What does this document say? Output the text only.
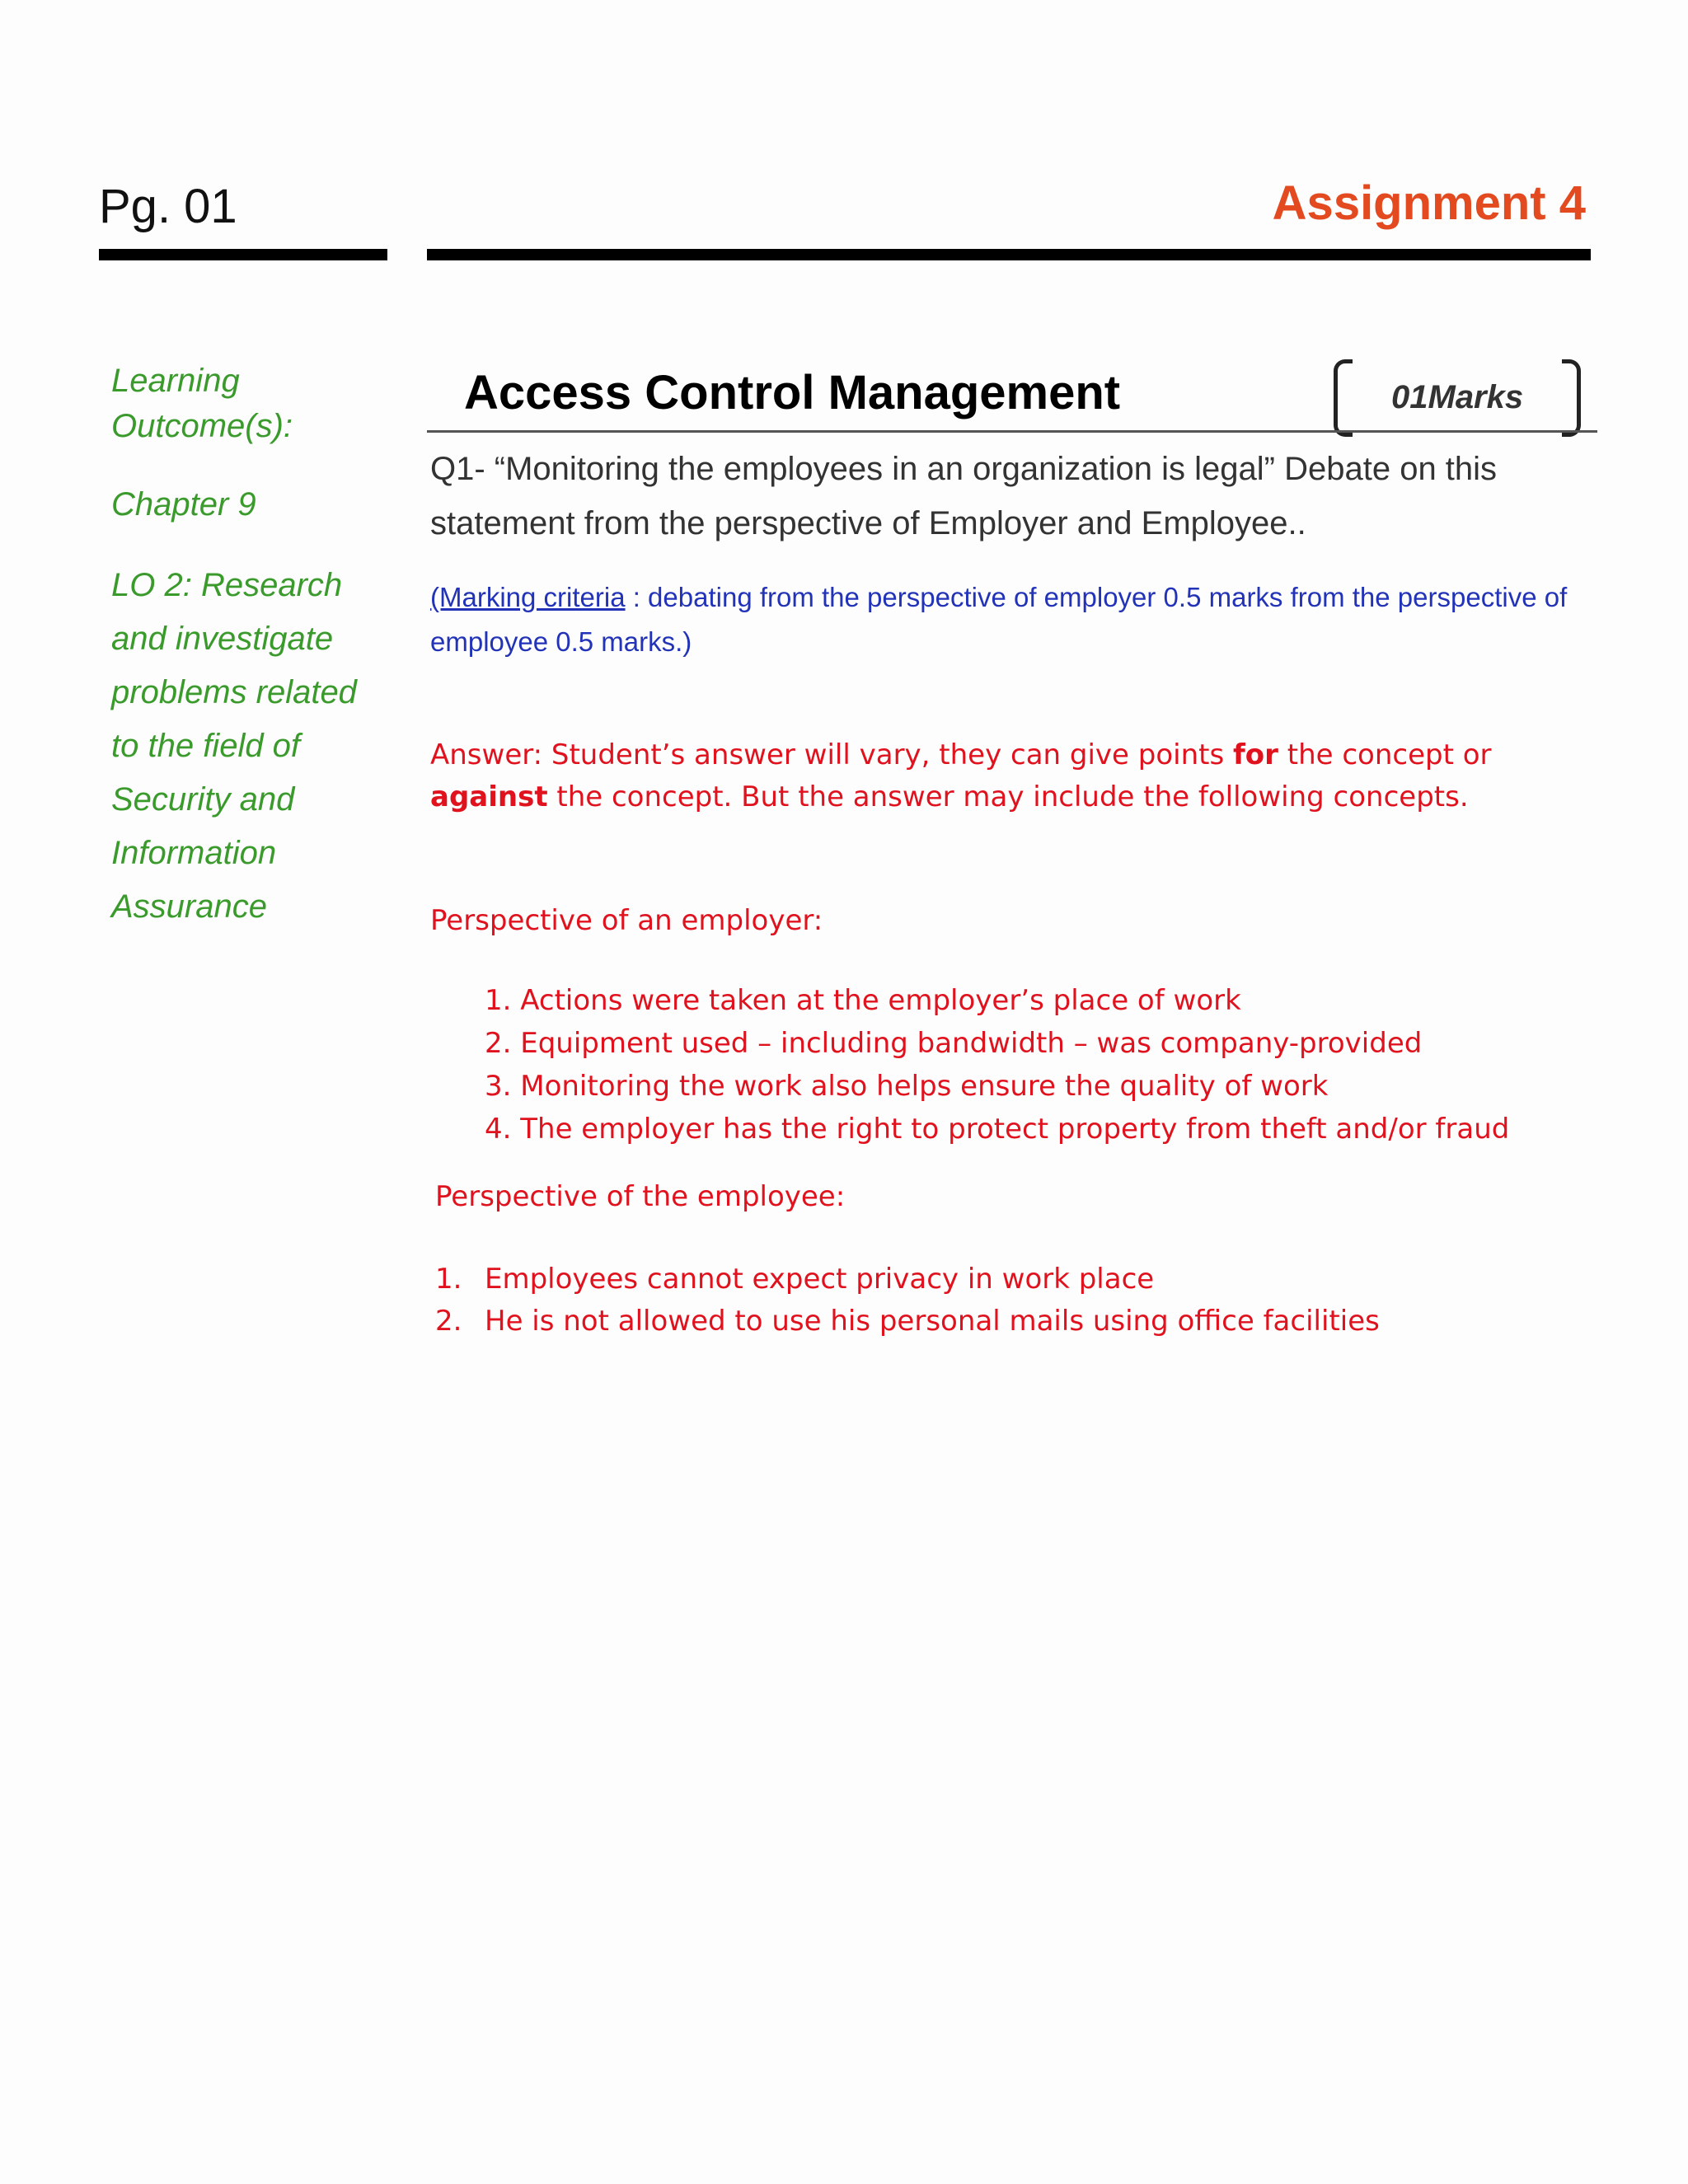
Pg. 01	Assignment 4
Learning Outcome(s):
Chapter 9
LO 2: Research and investigate problems related to the field of Security and Information Assurance
Access Control Management	01Marks
Q1- “Monitoring the employees in an organization is legal” Debate on this statement from the perspective of Employer and Employee..
(Marking criteria : debating from the perspective of employer 0.5 marks from the perspective of employee 0.5 marks.)
Answer: Student’s answer will vary, they can give points for the concept or against the concept. But the answer may include the following concepts.
Perspective of an employer:
1. Actions were taken at the employer’s place of work
2. Equipment used – including bandwidth – was company-provided
3. Monitoring the work also helps ensure the quality of work
4. The employer has the right to protect property from theft and/or fraud
Perspective of the employee:
1. Employees cannot expect privacy in work place
2. He is not allowed to use his personal mails using office facilities
